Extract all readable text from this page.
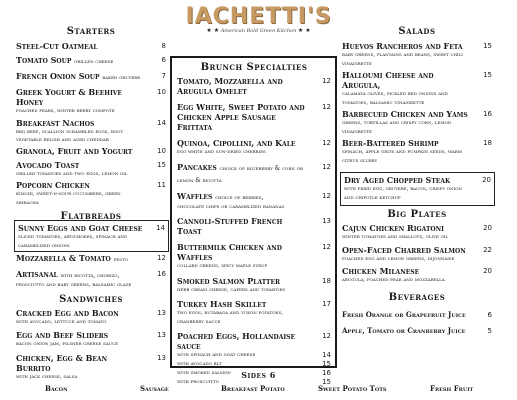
IACHETTI'S
★ ★ American Bold Green Kitchen ★ ★
Starters
Steel-Cut Oatmeal	8
Tomato Soup grilled cheese	6
French Onion Soup baked gruyere	7
Greek Yogurt & Beehive Honey
poached pears, winter berry compote
10
Breakfast Nachos
bbq beef, scallion scrambled eggs, root vegetable relish and aged cheddar
14
Granola, Fruit and Yogurt	10
Avocado Toast
grilled tomatoes and two eggs, lemon oil
15
Popcorn Chicken
kimchi, sweet-n-sour cucumbers, green sriracha
11
Flatbreads
Sunny Eggs and Goat Cheese
sliced tomatoes, artichokes, spinach and caramelized onions
14
Mozzarella & Tomato pesto	12
Artisanal with ricotta, chorizo,
prosciutto and baby greens, balsamic glaze
16
Sandwiches
Cracked Egg and Bacon
with avocado, lettuce and tomato
13
Egg and Beef Sliders
bacon onion jam, pilsner cheese sauce
13
Chicken, Egg & Bean Burrito
with jack cheese, salsa
13
Brunch Specialties
Tomato, Mozzarella and Arugula Omelet
12
Egg White, Sweet Potato and Chicken Apple Sausage Frittata
12
Quinoa, Cipollini, and Kale
egg white and sun-dried cherries
12
Pancakes choice of blueberry & corn or lemon & ricotta
12
Waffles choice of berries,
chocolate chips or caramelized bananas
12
Cannoli-Stuffed French Toast
13
Buttermilk Chicken and Waffles
collard greens, spicy maple syrup
12
Smoked Salmon Platter
herb cream cheese, capers and tomatoes
18
Turkey Hash Skillet
two eggs, rutabaga and yukon potatoes, cranberry sauce
17
Poached Eggs, Hollandaise sauce
12
with spinach and goat cheese	14
with avocado blt	15
with smoked salmon	16
with proscuitto	15
Salads
Huevos Rancheros and Feta
baby greens, plantains and beans, sweet chili vinaigrette
15
Halloumi Cheese and Arugula,
calamata olives, pickled red onions and tomatoes, balsamic vinaigrette
15
Barbecued Chicken and Yams
greens, tortillas and crispy corn, lemon vinaigrette
16
Beer-Battered Shrimp
spinach, apple grits and pumpkin seeds, warm citrus slurry
18
Dry Aged Chopped Steak
with fried egg, gruyere, bacon, crispy onion and chipotle ketchup
20
Big Plates
Cajun Chicken Rigatoni
winter tomatoes and shallots, olive oil
20
Open-Faced Charred Salmon
poached egg and lemon greens, dijonnaise
22
Chicken Milanese
arugula, poached pear and mozzarella
20
Beverages
Fresh Orange or Grapefruit Juice	6
Apple, Tomato or Cranberry Juice	5
Sides 6
Bacon	Sausage	Breakfast Potato	Sweet Potato Tots	Fresh Fruit
